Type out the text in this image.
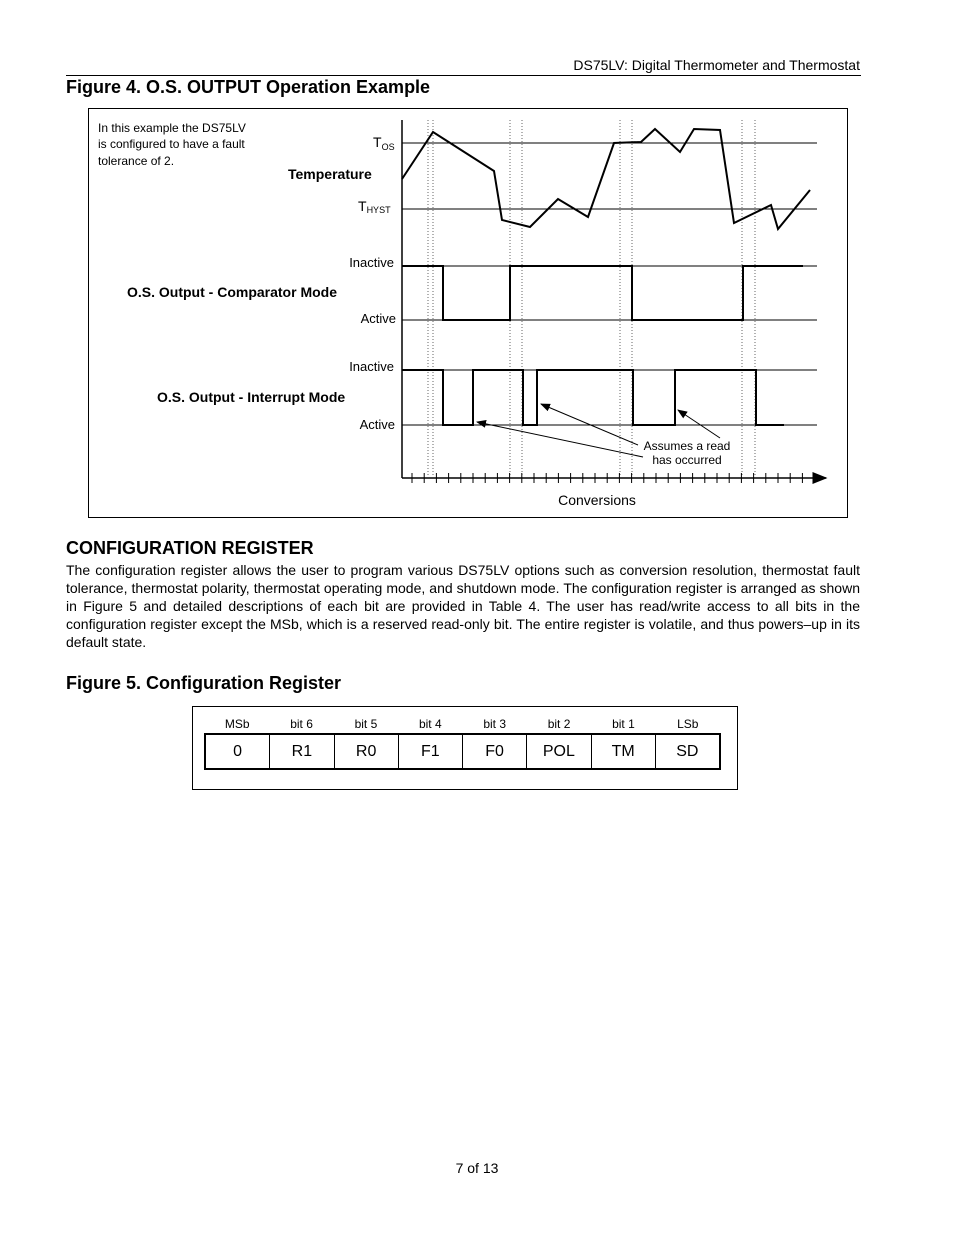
DS75LV: Digital Thermometer and Thermostat
Figure 4. O.S. OUTPUT Operation Example
In this example the DS75LV
is configured to have a fault
tolerance of 2.
$T_{OS}$
Temperature
THYST
Inactive
O.S. Output - Comparator Mode
Active
Inactive
O.S. Output - Interrupt Mode
Active
Assumes a read
has occurred
Conversions
CONFIGURATION REGISTER
The configuration register allows the user to program various DS75LV options such as conversion resolution, thermostat fault tolerance, thermostat polarity, thermostat operating mode, and shutdown mode. The configuration register is arranged as shown in Figure 5 and detailed descriptions of each bit are provided in Table 4. The user has read/write access to all bits in the configuration register except the MSb, which is a reserved read-only bit. The entire register is volatile, and thus powers–up in its default state.
Figure 5. Configuration Register
MSb	bit 6	bit 5	bit 4	bit 3	bit 2	bit 1	LSb
0	R1	R0	F1	F0	POL	TM	SD
7 of 13
